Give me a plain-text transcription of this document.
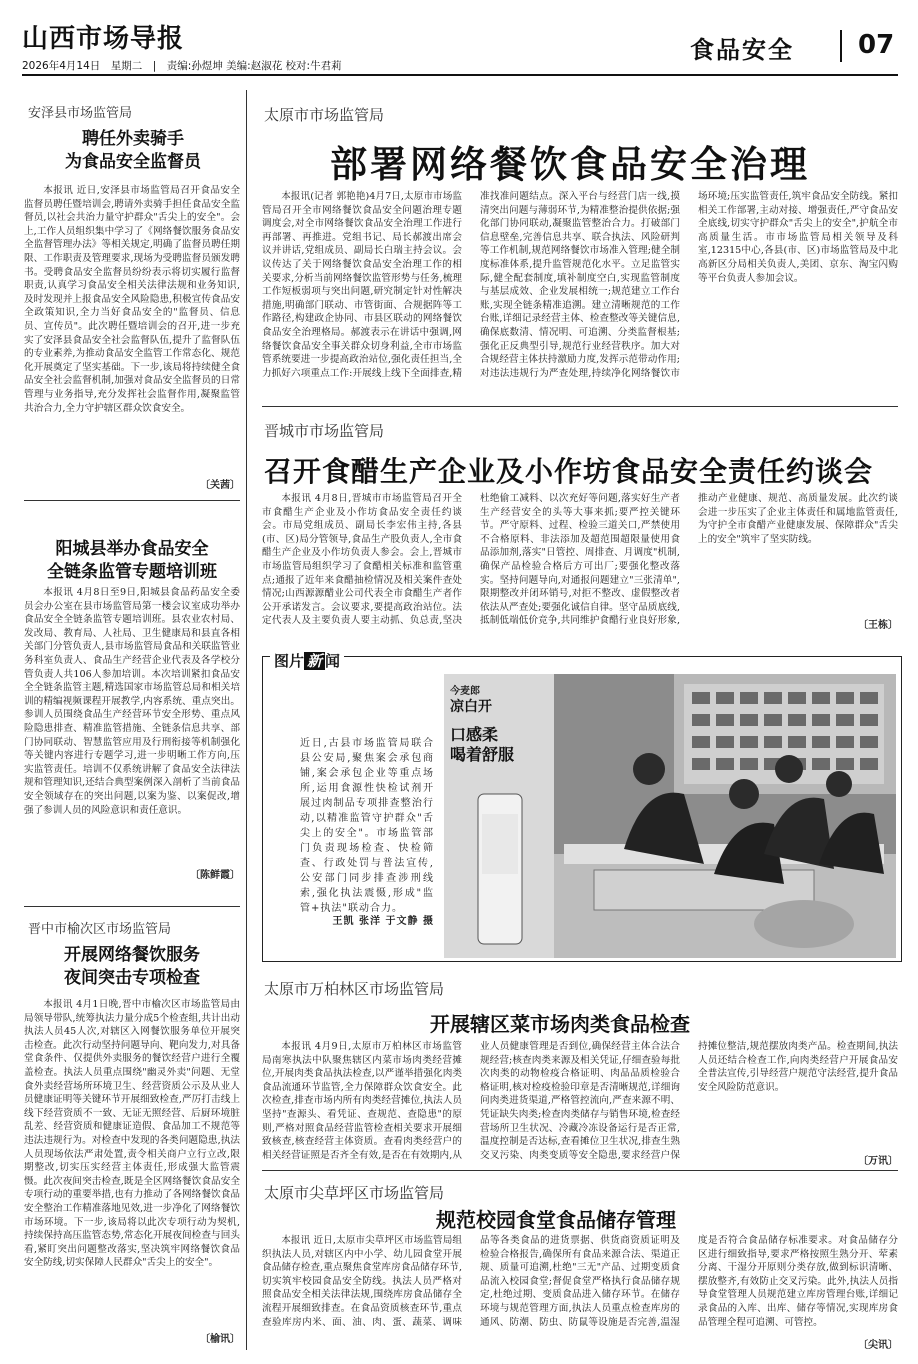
山西市场导报
2026年4月14日　星期二　|　责编:孙煜坤 美编:赵淑花 校对:牛君莉
食品安全 07
安泽县市场监管局
聘任外卖骑手
为食品安全监督员

本报讯 近日,安泽县市场监管局召开食品安全监督员聘任暨培训会,聘请外卖骑手担任食品安全监督员,以社会共治力量守护群众"舌尖上的安全"。会上,工作人员组织集中学习了《网络餐饮服务食品安全监督管理办法》等相关规定,明确了监督员聘任期限、工作职责及管理要求,现场为受聘监督员颁发聘书。受聘食品安全监督员纷纷表示将切实履行监督职责,认真学习食品安全相关法律法规和业务知识,及时发现并上报食品安全风险隐患,积极宣传食品安全政策知识,全力当好食品安全的"监督员、信息员、宣传员"。此次聘任暨培训会的召开,进一步充实了安泽县食品安全社会监督队伍,提升了监督队伍的专业素养,为推动食品安全监管工作常态化、规范化开展奠定了坚实基础。下一步,该局将持续健全食品安全社会监督机制,加强对食品安全监督员的日常管理与业务指导,充分发挥社会监督作用,凝聚监管共治合力,全力守护辖区群众饮食安全。

〔关茜〕
阳城县举办食品安全
全链条监管专题培训班

本报讯 4月8日至9日,阳城县食品药品安全委员会办公室在县市场监管局第一楼会议室成功举办食品安全全链条监管专题培训班。县农业农村局、发改局、教育局、人社局、卫生健康局和县直各相关部门分管负责人,县市场监管局食品和关联监管业务科室负责人、食品生产经营企业代表及各学校分管负责人共106人参加培训。本次培训紧扣食品安全全链条监管主题,精选国家市场监管总局和相关培训的精编视频课程开展教学,内容系统、重点突出。参训人员围绕食品生产经营环节安全形势、重点风险隐患排查、精准监管措施、全链条信息共享、部门协同联动、智慧监管应用及行刑衔接等机制强化等关键内容进行专题学习,进一步明晰工作方向,压实监管责任。培训不仅系统讲解了食品安全法律法规和管理知识,还结合典型案例深入剖析了当前食品安全领域存在的突出问题,以案为鉴、以案促改,增强了参训人员的风险意识和责任意识。

〔陈鲜霞〕
晋中市榆次区市场监管局
开展网络餐饮服务
夜间突击专项检查

本报讯 4月1日晚,晋中市榆次区市场监管局由局领导带队,统筹执法力量分成5个检查组,共计出动执法人员45人次,对辖区入网餐饮服务单位开展突击检查。此次行动坚持问题导向、靶向发力,对具备堂食条件、仅提供外卖服务的餐饮经营户进行全覆盖检查。执法人员重点围绕"幽灵外卖"问题、无堂食外卖经营场所环境卫生、经营资质公示及从业人员健康证明等关键环节开展细致检查,严厉打击线上线下经营资质不一致、无证无照经营、后厨环境脏乱差、经营资质和健康证造假、食品加工不规范等违法违规行为。对检查中发现的各类问题隐患,执法人员现场依法严肃处置,责令相关商户立行立改,限期整改,切实压实经营主体责任,形成强大监管震慑。此次夜间突击检查,既是全区网络餐饮食品安全专项行动的重要举措,也有力推动了各网络餐饮食品安全整治工作精准落地见效,进一步净化了网络餐饮市场环境。下一步,该局将以此次专项行动为契机,持续保持高压监管态势,常态化开展夜间检查与回头看,紧盯突出问题整改落实,坚决筑牢网络餐饮食品安全防线,切实保障人民群众"舌尖上的安全"。

〔榆讯〕
太原市市场监管局
部署网络餐饮食品安全治理

本报讯(记者 郭艳艳)4月7日,太原市市场监管局召开全市网络餐饮食品安全问题治理专题调度会,对全市网络餐饮食品安全治理工作进行再部署、再推进。党组书记、局长郝渡出席会议并讲话,党组成员、副局长白瑞主持会议。会议传达了关于网络餐饮食品安全治理工作的相关要求,分析当前网络餐饮监管形势与任务,梳理工作短板弱项与突出问题,研究制定针对性解决措施,明确部门联动、市管街面、合规据阵等工作路径,构建政企协同、市县区联动的网络餐饮食品安全治理格局。郝渡表示在讲话中强调,网络餐饮食品安全事关群众切身利益,全市市场监管系统要进一步提高政治站位,强化责任担当,全力抓好六项重点工作:开展线上线下全面排查,精准找准问题结点。深入平台与经营门店一线,摸清突出问题与薄弱环节,为精准整治提供依据;强化部门协同联动,凝聚监管整治合力。打破部门信息壁垒,完善信息共享、联合执法、风险研判等工作机制,规范网络餐饮市场准入管理;健全制度标准体系,提升监管规范化水平。立足监管实际,健全配套制度,填补制度空白,实现监管制度与基层成效、企业发展相统一;规范建立工作台账,实现全链条精准追溯。建立清晰规范的工作台账,详细记录经营主体、检查整改等关键信息,确保底数清、情况明、可追溯、分类监督根基;强化正反典型引导,规范行业经营秩序。加大对合规经营主体扶持激励力度,发挥示范带动作用;对违法违规行为严查处理,持续净化网络餐饮市场环境;压实监管责任,筑牢食品安全防线。紧扣相关工作部署,主动对接、增强责任,严守食品安全底线,切实守护群众"舌尖上的安全",护航全市高质量生活。市市场监管局相关领导及科室,12315中心,各县(市、区)市场监管局及中北高新区分局相关负责人,美团、京东、淘宝闪购等平台负责人参加会议。

晋城市市场监管局
召开食醋生产企业及小作坊食品安全责任约谈会

本报讯 4月8日,晋城市市场监管局召开全市食醋生产企业及小作坊食品安全责任约谈会。市局党组成员、副局长李宏伟主持,各县(市、区)局分管领导,食品生产股负责人,全市食醋生产企业及小作坊负责人参会。会上,晋城市市场监管局组织学习了食醋相关标准和监管重点;通报了近年来食醋抽检情况及相关案件查处情况;山西源源醋业公司代表全市食醋生产者作公开承诺发言。会议要求,要提高政治站位。法定代表人及主要负责人要主动抓、负总责,坚决杜绝偷工减料、以次充好等问题,落实好生产者生产经营安全的头等大事来抓;要严控关键环节。严守原料、过程、检验三道关口,严禁使用不合格原料、非法添加及超范围超限量使用食品添加剂,落实"日管控、周排查、月调度"机制,确保产品检验合格后方可出厂;要强化整改落实。坚持问题导向,对通报问题建立"三张清单",限期整改并闭环销号,对拒不整改、虚假整改者依法从严查处;要强化诚信自律。坚守品质底线,抵制低端低价竞争,共同维护食醋行业良好形象,推动产业健康、规范、高质量发展。此次约谈会进一步压实了企业主体责任和属地监管责任,为守护全市食醋产业健康发展、保障群众"舌尖上的安全"筑牢了坚实防线。

〔王栋〕
图片 新 闻
近日,古县市场监管局联合县公安局,聚焦案会承包商铺,案会承包企业等重点场所,运用食源性快检试剂开展过肉制品专项排查整治行动,以精准监管守护群众"舌尖上的安全"。市场监管部门负责现场检查、快检筛查、行政处罚与普法宣传,公安部门同步排查涉刑线索,强化执法震慑,形成"监管+执法"联动合力。
王凯 张洋 于文静 摄
今麦郎
凉白开
口感柔
喝着舒服
太原市万柏林区市场监管局
开展辖区菜市场肉类食品检查

本报讯 4月9日,太原市万柏林区市场监管局南寒执法中队聚焦辖区内菜市场肉类经营摊位,开展肉类食品执法检查,以严谨举措强化肉类食品流通环节监管,全力保障群众饮食安全。此次检查,排查市场内所有肉类经营摊位,执法人员坚持"查源头、看凭证、查规范、查隐患"的原则,严格对照食品经营监管检查相关要求开展细致核查,核查经营主体资质。查看肉类经营户的相关经营证照是否齐全有效,是否在有效期内,从业人员健康管理是否到位,确保经营主体合法合规经营;核查肉类来源及相关凭证,仔细查验每批次肉类的动物检疫合格证明、肉品品质检验合格证明,核对检疫检验印章是否清晰规范,详细询问肉类进货渠道,严格管控流向,严查来源不明、凭证缺失肉类;检查肉类储存与销售环境,检查经营场所卫生状况、冷藏冷冻设备运行是否正常,温度控制是否达标,查看摊位卫生状况,排查生熟交叉污染、肉类变质等安全隐患,要求经营户保持摊位整洁,规范摆放肉类产品。检查期间,执法人员还结合检查工作,向肉类经营户开展食品安全普法宣传,引导经营户规范守法经营,提升食品安全风险防范意识。

〔万讯〕
太原市尖草坪区市场监管局
规范校园食堂食品储存管理

本报讯 近日,太原市尖草坪区市场监管局组织执法人员,对辖区内中小学、幼儿园食堂开展食品储存检查,重点聚焦食堂库房食品储存环节,切实筑牢校园食品安全防线。执法人员严格对照食品安全相关法律法规,围绕库房食品储存全流程开展细致排查。在食品资质核查环节,重点查验库房内米、面、油、肉、蛋、蔬菜、调味品等各类食品的进货票据、供货商资质证明及检验合格报告,确保所有食品来源合法、渠道正规、质量可追溯,杜绝"三无"产品、过期变质食品流入校园食堂;督促食堂严格执行食品储存规定,杜绝过期、变质食品进入储存环节。在储存环境与规范管理方面,执法人员重点检查库房的通风、防潮、防虫、防鼠等设施是否完善,温湿度是否符合食品储存标准要求。对食品储存分区进行细致指导,要求严格按照生熟分开、荤素分离、干湿分开原则分类存放,做到标识清晰、摆放整齐,有效防止交叉污染。此外,执法人员指导食堂管理人员规范建立库房管理台账,详细记录食品的入库、出库、储存等情况,实现库房食品管理全程可追溯、可管控。

〔尖讯〕
